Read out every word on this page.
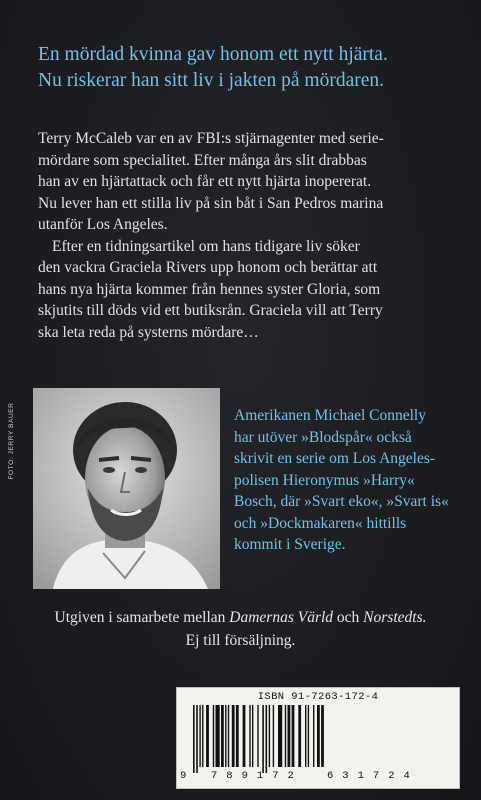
En mördad kvinna gav honom ett nytt hjärta.
Nu riskerar han sitt liv i jakten på mördaren.

Terry McCaleb var en av FBI:s stjärnagenter med serie-
mördare som specialitet. Efter många års slit drabbas
han av en hjärtattack och får ett nytt hjärta inopererat.
Nu lever han ett stilla liv på sin båt i San Pedros marina
utanför Los Angeles.
Efter en tidningsartikel om hans tidigare liv söker
den vackra Graciela Rivers upp honom och berättar att
hans nya hjärta kommer från hennes syster Gloria, som
skjutits till döds vid ett butiksrån. Graciela vill att Terry
ska leta reda på systerns mördare…
FOTO: JERRY BAUER	Amerikanen Michael Connelly
har utöver »Blodspår« också
skrivit en serie om Los Angeles-
polisen Hieronymus »Harry«
Bosch, där »Svart eko«, »Svart is«
och »Dockmakaren« hittills
kommit i Sverige.
Utgiven i samarbete mellan Damernas Värld och Norstedts.
Ej till försäljning.
ISBN 91-7263-172-4
9 789172 631724
